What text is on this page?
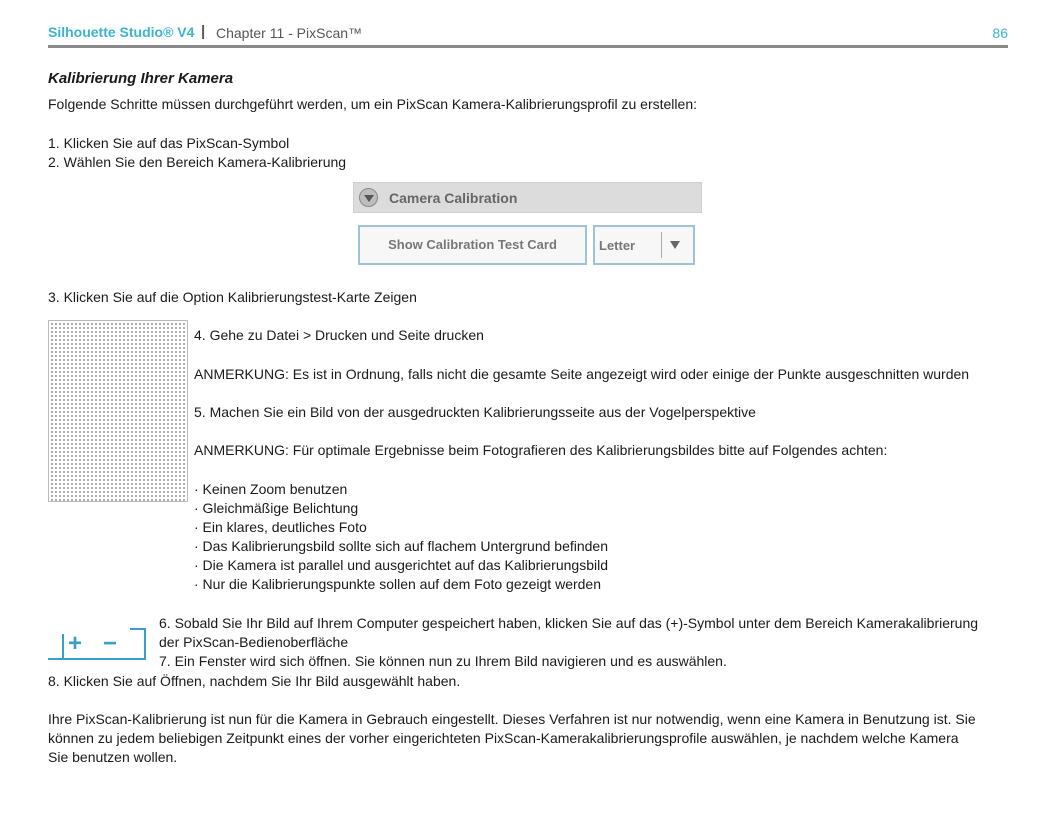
Silhouette Studio® V4 | Chapter 11 - PixScan™	86
Kalibrierung Ihrer Kamera
Folgende Schritte müssen durchgeführt werden, um ein PixScan Kamera-Kalibrierungsprofil zu erstellen:
1. Klicken Sie auf das PixScan-Symbol
2. Wählen Sie den Bereich Kamera-Kalibrierung
Camera Calibration
Show Calibration Test Card	Letter
3. Klicken Sie auf die Option Kalibrierungstest-Karte Zeigen
4. Gehe zu Datei > Drucken und Seite drucken
ANMERKUNG: Es ist in Ordnung, falls nicht die gesamte Seite angezeigt wird oder einige der Punkte ausgeschnitten wurden
5. Machen Sie ein Bild von der ausgedruckten Kalibrierungsseite aus der Vogelperspektive
ANMERKUNG: Für optimale Ergebnisse beim Fotografieren des Kalibrierungsbildes bitte auf Folgendes achten:
· Keinen Zoom benutzen
· Gleichmäßige Belichtung
· Ein klares, deutliches Foto
· Das Kalibrierungsbild sollte sich auf flachem Untergrund befinden
· Die Kamera ist parallel und ausgerichtet auf das Kalibrierungsbild
· Nur die Kalibrierungspunkte sollen auf dem Foto gezeigt werden
+ −
6. Sobald Sie Ihr Bild auf Ihrem Computer gespeichert haben, klicken Sie auf das (+)-Symbol unter dem Bereich Kamerakalibrierung
der PixScan-Bedienoberfläche
7. Ein Fenster wird sich öffnen. Sie können nun zu Ihrem Bild navigieren und es auswählen.
8. Klicken Sie auf Öffnen, nachdem Sie Ihr Bild ausgewählt haben.
Ihre PixScan-Kalibrierung ist nun für die Kamera in Gebrauch eingestellt. Dieses Verfahren ist nur notwendig, wenn eine Kamera in Benutzung ist. Sie
können zu jedem beliebigen Zeitpunkt eines der vorher eingerichteten PixScan-Kamerakalibrierungsprofile auswählen, je nachdem welche Kamera
Sie benutzen wollen.
